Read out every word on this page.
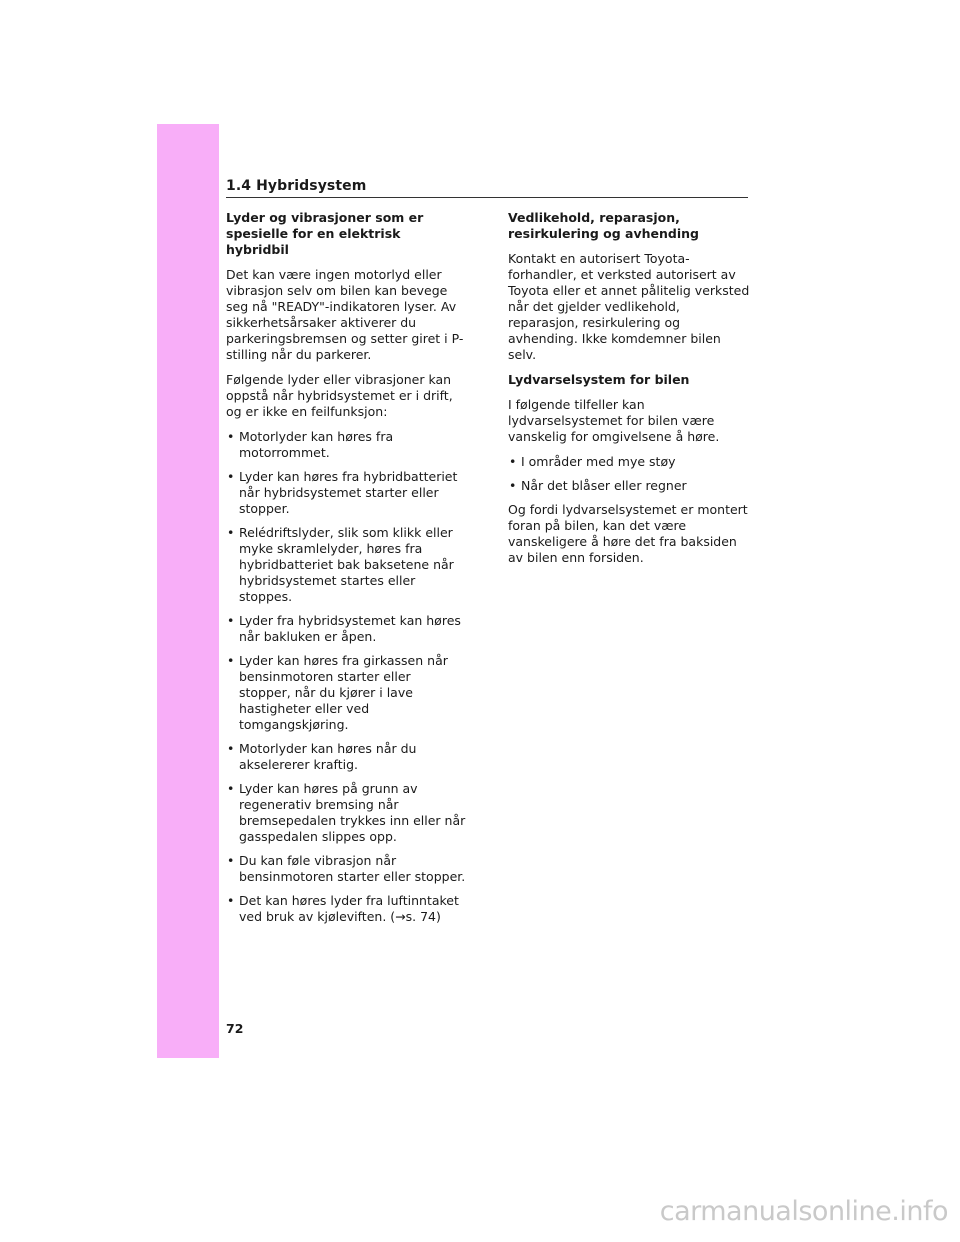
1.4 Hybridsystem
Lyder og vibrasjoner som er spesielle for en elektrisk hybridbil

Det kan være ingen motorlyd eller vibrasjon selv om bilen kan bevege seg nå "READY"-indikatoren lyser. Av sikkerhetsårsaker aktiverer du parkeringsbremsen og setter giret i P-stilling når du parkerer.

Følgende lyder eller vibrasjoner kan oppstå når hybridsystemet er i drift, og er ikke en feilfunksjon:

• Motorlyder kan høres fra motorrommet.
• Lyder kan høres fra hybridbatteriet når hybridsystemet starter eller stopper.
• Relédriftslyder, slik som klikk eller myke skramlelyder, høres fra hybridbatteriet bak baksetene når hybridsystemet startes eller stoppes.
• Lyder fra hybridsystemet kan høres når bakluken er åpen.
• Lyder kan høres fra girkassen når bensinmotoren starter eller stopper, når du kjører i lave hastigheter eller ved tomgangskjøring.
• Motorlyder kan høres når du akselererer kraftig.
• Lyder kan høres på grunn av regenerativ bremsing når bremsepedalen trykkes inn eller når gasspedalen slippes opp.
• Du kan føle vibrasjon når bensinmotoren starter eller stopper.
• Det kan høres lyder fra luftinntaket ved bruk av kjøleviften. (→s. 74)
Vedlikehold, reparasjon, resirkulering og avhending

Kontakt en autorisert Toyota-forhandler, et verksted autorisert av Toyota eller et annet pålitelig verksted når det gjelder vedlikehold, reparasjon, resirkulering og avhending. Ikke komdemner bilen selv.

Lydvarselsystem for bilen

I følgende tilfeller kan lydvarselsystemet for bilen være vanskelig for omgivelsene å høre.

• I områder med mye støy
• Når det blåser eller regner

Og fordi lydvarselsystemet er montert foran på bilen, kan det være vanskeligere å høre det fra baksiden av bilen enn forsiden.

72
carmanualsonline.info
